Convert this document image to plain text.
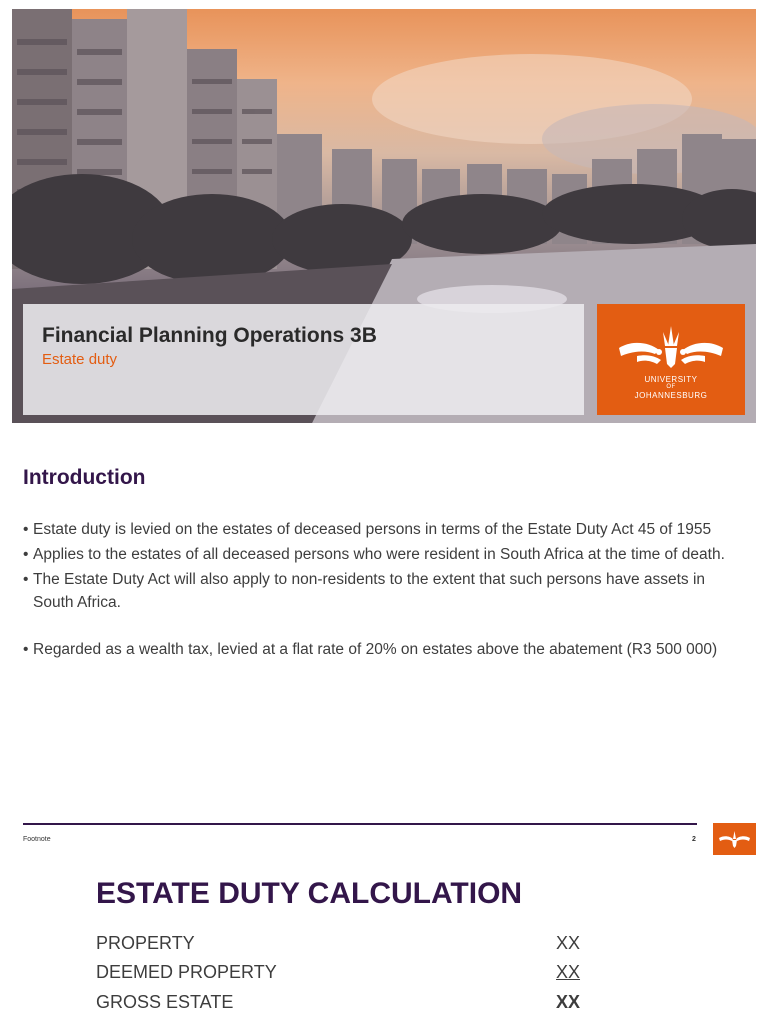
Financial Planning Operations 3B
Estate duty
UNIVERSITY
OF
JOHANNESBURG
Introduction
• Estate duty is levied on the estates of deceased persons in terms of the Estate Duty Act 45 of 1955
• Applies to the estates of all deceased persons who were resident in South Africa at the time of death.
• The Estate Duty Act will also apply to non-residents to the extent that such persons have assets in South Africa.
• Regarded as a wealth tax, levied at a flat rate of 20% on estates above the abatement (R3 500 000)
Footnote	2
ESTATE DUTY CALCULATION
PROPERTY	XX
DEEMED PROPERTY	XX
GROSS ESTATE	XX
